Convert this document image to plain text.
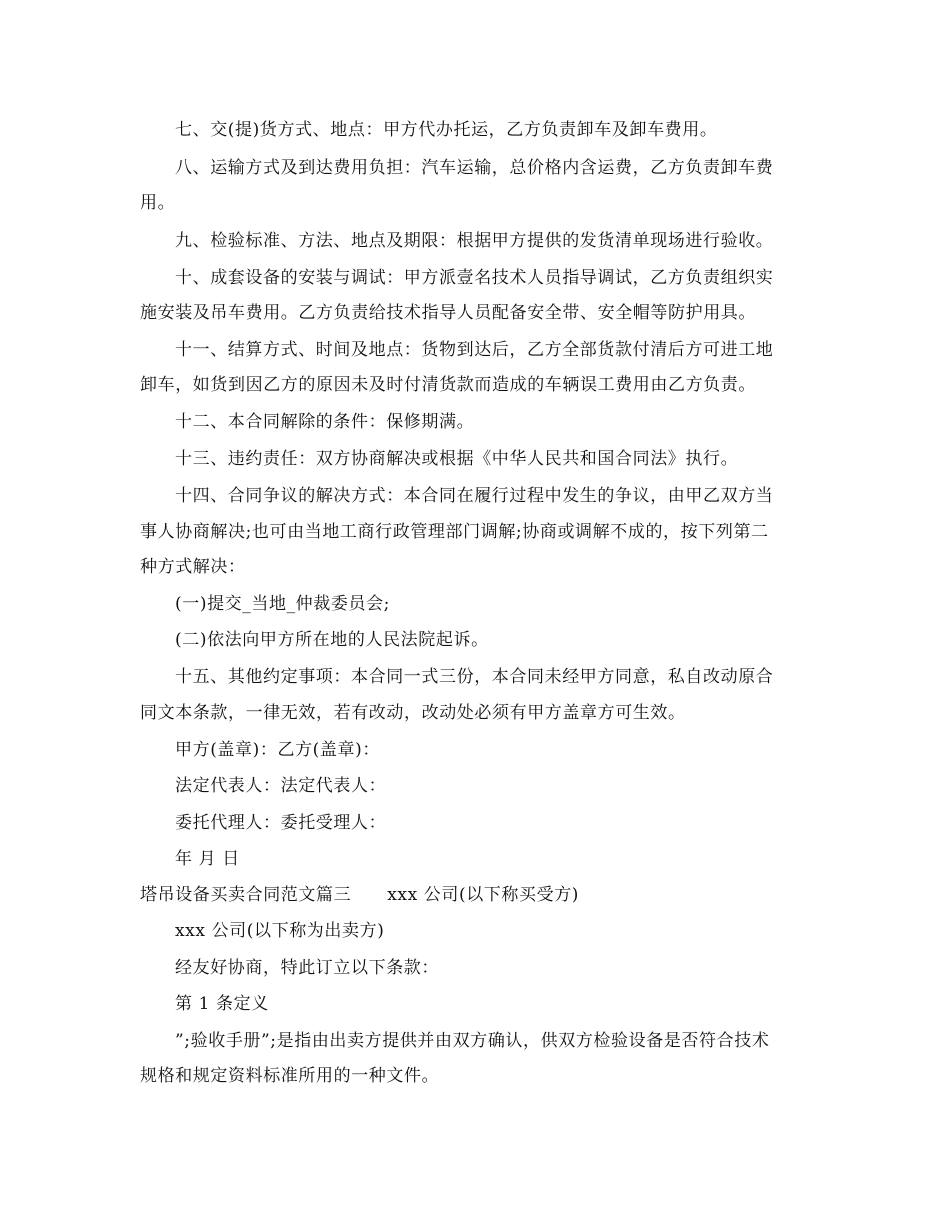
七、交(提)货方式、地点：甲方代办托运，乙方负责卸车及卸车费用。
八、运输方式及到达费用负担：汽车运输，总价格内含运费，乙方负责卸车费
用。
九、检验标准、方法、地点及期限：根据甲方提供的发货清单现场进行验收。
十、成套设备的安装与调试：甲方派壹名技术人员指导调试，乙方负责组织实
施安装及吊车费用。乙方负责给技术指导人员配备安全带、安全帽等防护用具。
十一、结算方式、时间及地点：货物到达后，乙方全部货款付清后方可进工地
卸车，如货到因乙方的原因未及时付清货款而造成的车辆误工费用由乙方负责。
十二、本合同解除的条件：保修期满。
十三、违约责任：双方协商解决或根据《中华人民共和国合同法》执行。
十四、合同争议的解决方式：本合同在履行过程中发生的争议，由甲乙双方当
事人协商解决;也可由当地工商行政管理部门调解;协商或调解不成的，按下列第二
种方式解决：
(一)提交_当地_仲裁委员会;
(二)依法向甲方所在地的人民法院起诉。
十五、其他约定事项：本合同一式三份，本合同未经甲方同意，私自改动原合
同文本条款，一律无效，若有改动，改动处必须有甲方盖章方可生效。
甲方(盖章)：乙方(盖章)：
法定代表人：法定代表人：
委托代理人：委托受理人：
年 月 日
塔吊设备买卖合同范文篇三 xxx 公司(以下称买受方)
xxx 公司(以下称为出卖方)
经友好协商，特此订立以下条款：
第 1 条定义
”;验收手册”;是指由出卖方提供并由双方确认，供双方检验设备是否符合技术
规格和规定资料标准所用的一种文件。
